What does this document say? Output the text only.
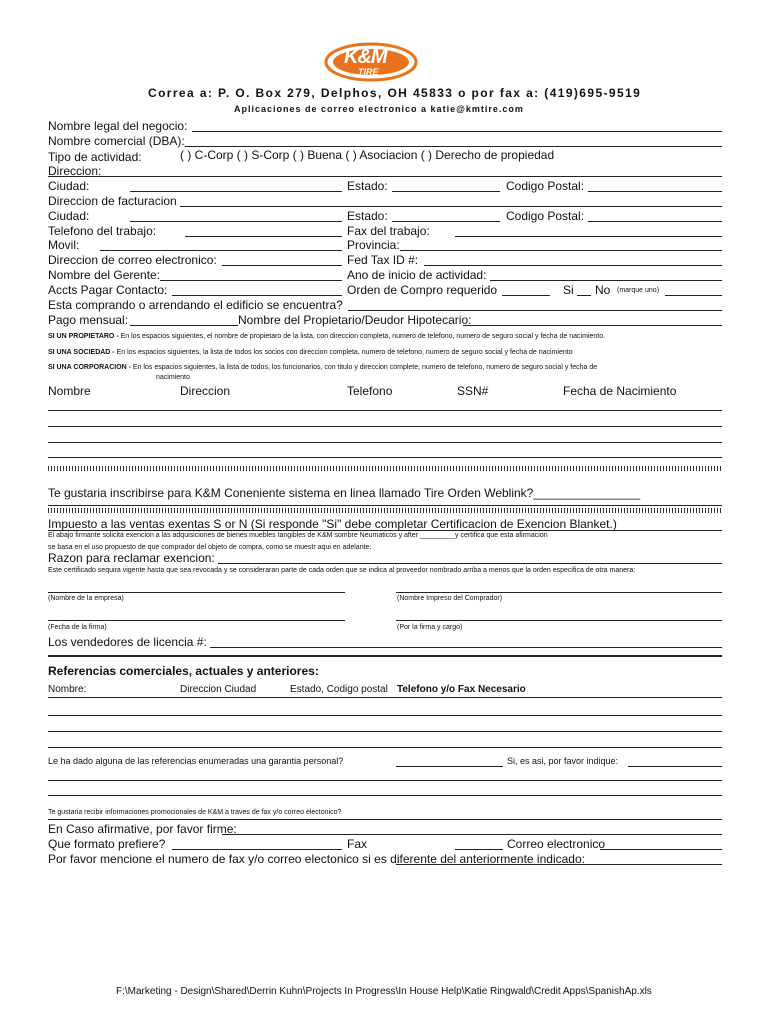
K&M
TIRE
Correa a: P. O. Box 279, Delphos, OH 45833 o por fax a: (419)695-9519
Aplicaciones de correo electronico a katie@kmtire.com
Nombre legal del negocio:
Nombre comercial (DBA):
Tipo de actividad:	( ) C-Corp ( ) S-Corp ( ) Buena ( ) Asociacion ( ) Derecho de propiedad
Direccion:
Ciudad:	Estado:	Codigo Postal:
Direccion de facturacion
Ciudad:	Estado:	Codigo Postal:
Telefono del trabajo:	Fax del trabajo:
Movil:	Provincia:
Direccion de correo electronico:	Fed Tax ID #:
Nombre del Gerente:	Ano de inicio de actividad:
Accts Pagar Contacto:	Orden de Compro requerido	Si No (marque uno)
Esta comprando o arrendando el edificio se encuentra?
Pago mensual:	Nombre del Propietario/Deudor Hipotecario:
SI UN PROPIETARO - En los espacios siguientes, el nombre de propietaro de la lista, con direccion completa, numero de telefono, numero de seguro social y fecha de nacimiento.
SI UNA SOCIEDAD - En los espacios siguientes, la lista de todos los socios con direccion completa, numero de telefono, numero de seguro social y fecha de nacimiento
SI UNA CORPORACION - En los espacios siguientes, la lista de todos, los funcionarios, con titulo y direccion complete, numero de telefono, numero de seguro social y fecha de
nacimiento
Nombre	Direccion	Telefono	SSN#	Fecha de Nacimiento
Te gustaria inscribirse para K&M Coneniente sistema en linea llamado Tire Orden Weblink?________________
Impuesto a las ventas exentas S or N (Si responde "Si" debe completar Certificacion de Exencion Blanket.)
El abajo firmante solicita exencion a las adquisiciones de bienes muebles tangibles de K&M sombre Neumaticos y after _________y certifica que esta afirmacion
se basa en el uso propuesto de que comprador del objeto de compra, como se muestr aqui en adelante:
Razon para reclamar exencion:
Este certificado sequira vigente hasta que sea revocada y se consideraran parte de cada orden que se indica al proveedor nombrado arriba a menos que la orden especifica de otra manera:
(Nombre de la empresa)	(Nombre Impreso del Comprador)
(Fecha de la firma)	(Por la firma y cargo)
Los vendedores de licencia #:
Referencias comerciales, actuales y anteriores:
Nombre:	Direccion Ciudad	Estado, Codigo postal Telefono y/o Fax Necesario
Le ha dado alguna de las referencias enumeradas una garantia personal?	Si, es asi, por favor indique:
Te gustaria recibir informaciones promocionales de K&M a traves de fax y/o correo electonico?
En Caso afirmative, por favor firme:
Que formato prefiere?	Fax	Correo electronico
Por favor mencione el numero de fax y/o correo electonico si es diferente del anteriormente indicado:
F:\Marketing - Design\Shared\Derrin Kuhn\Projects In Progress\In House Help\Katie Ringwald\Credit Apps\SpanishAp.xls
